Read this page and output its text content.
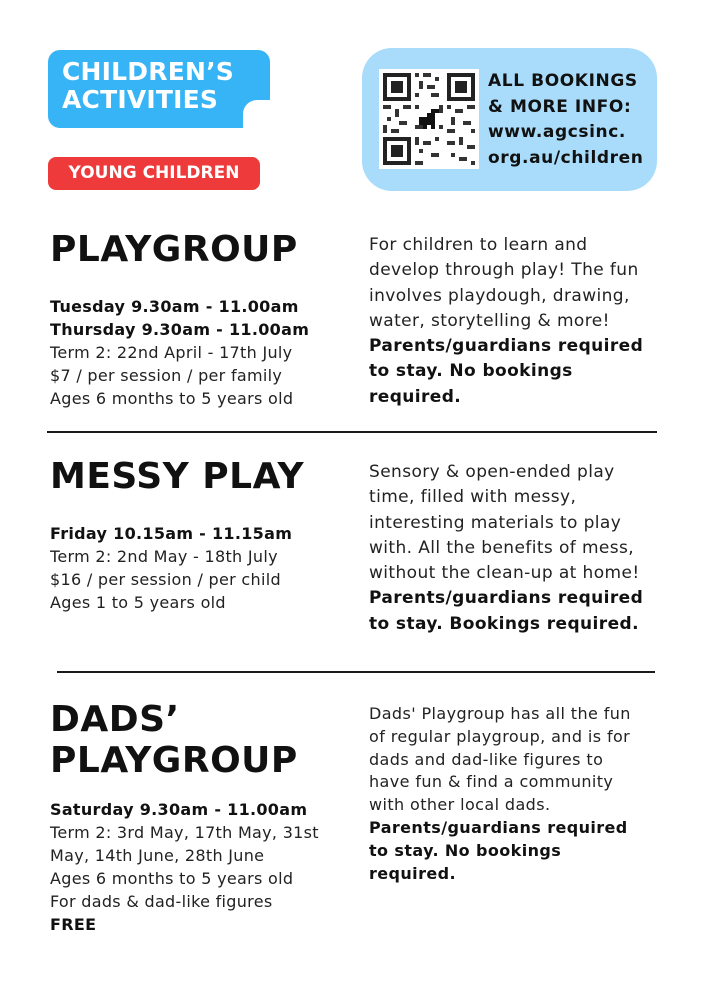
CHILDREN’S
ACTIVITIES
YOUNG CHILDREN
ALL BOOKINGS
& MORE INFO:
www.agcsinc.
org.au/children
PLAYGROUP
Tuesday 9.30am - 11.00am
Thursday 9.30am - 11.00am
Term 2: 22nd April - 17th July
$7 / per session / per family
Ages 6 months to 5 years old
For children to learn and
develop through play! The fun
involves playdough, drawing,
water, storytelling & more!
Parents/guardians required
to stay. No bookings
required.
MESSY PLAY
Friday 10.15am - 11.15am
Term 2: 2nd May - 18th July
$16 / per session / per child
Ages 1 to 5 years old
Sensory & open-ended play
time, filled with messy,
interesting materials to play
with. All the benefits of mess,
without the clean-up at home!
Parents/guardians required
to stay. Bookings required.
DADS’
PLAYGROUP
Saturday 9.30am - 11.00am
Term 2: 3rd May, 17th May, 31st
May, 14th June, 28th June
Ages 6 months to 5 years old
For dads & dad-like figures
FREE
Dads' Playgroup has all the fun
of regular playgroup, and is for
dads and dad-like figures to
have fun & find a community
with other local dads.
Parents/guardians required
to stay. No bookings
required.
